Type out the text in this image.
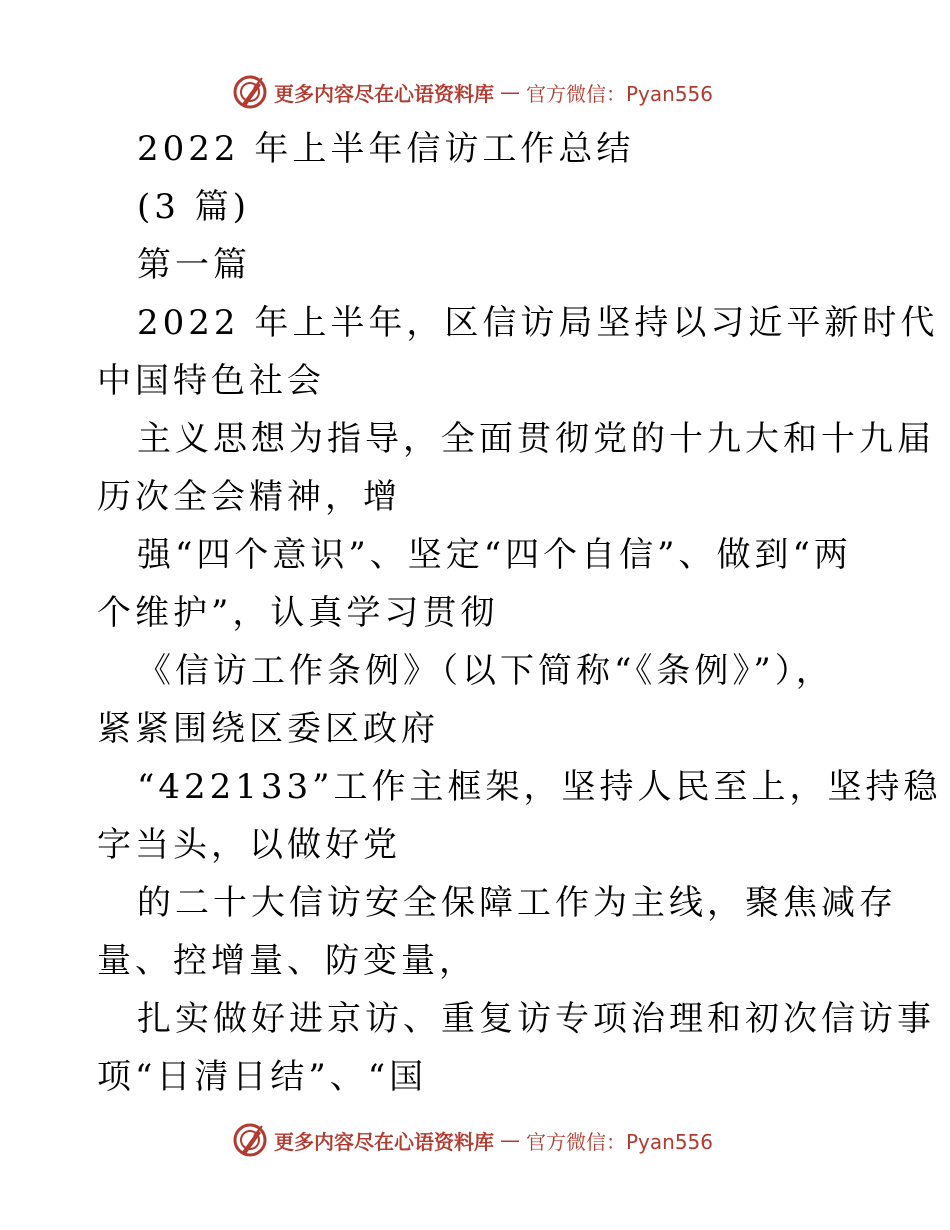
更多内容尽在心语资料库 — 官方微信：Pyan556
2022 年上半年信访工作总结
(3 篇)
第一篇
2022 年上半年，区信访局坚持以习近平新时代
中国特色社会
主义思想为指导，全面贯彻党的十九大和十九届
历次全会精神，增
强“四个意识”、坚定“四个自信”、做到“两
个维护”，认真学习贯彻
《信访工作条例》（以下简称“《条例》”），
紧紧围绕区委区政府
“422133”工作主框架，坚持人民至上，坚持稳
字当头，以做好党
的二十大信访安全保障工作为主线，聚焦减存
量、控增量、防变量，
扎实做好进京访、重复访专项治理和初次信访事
项“日清日结”、“国
更多内容尽在心语资料库 — 官方微信：Pyan556
